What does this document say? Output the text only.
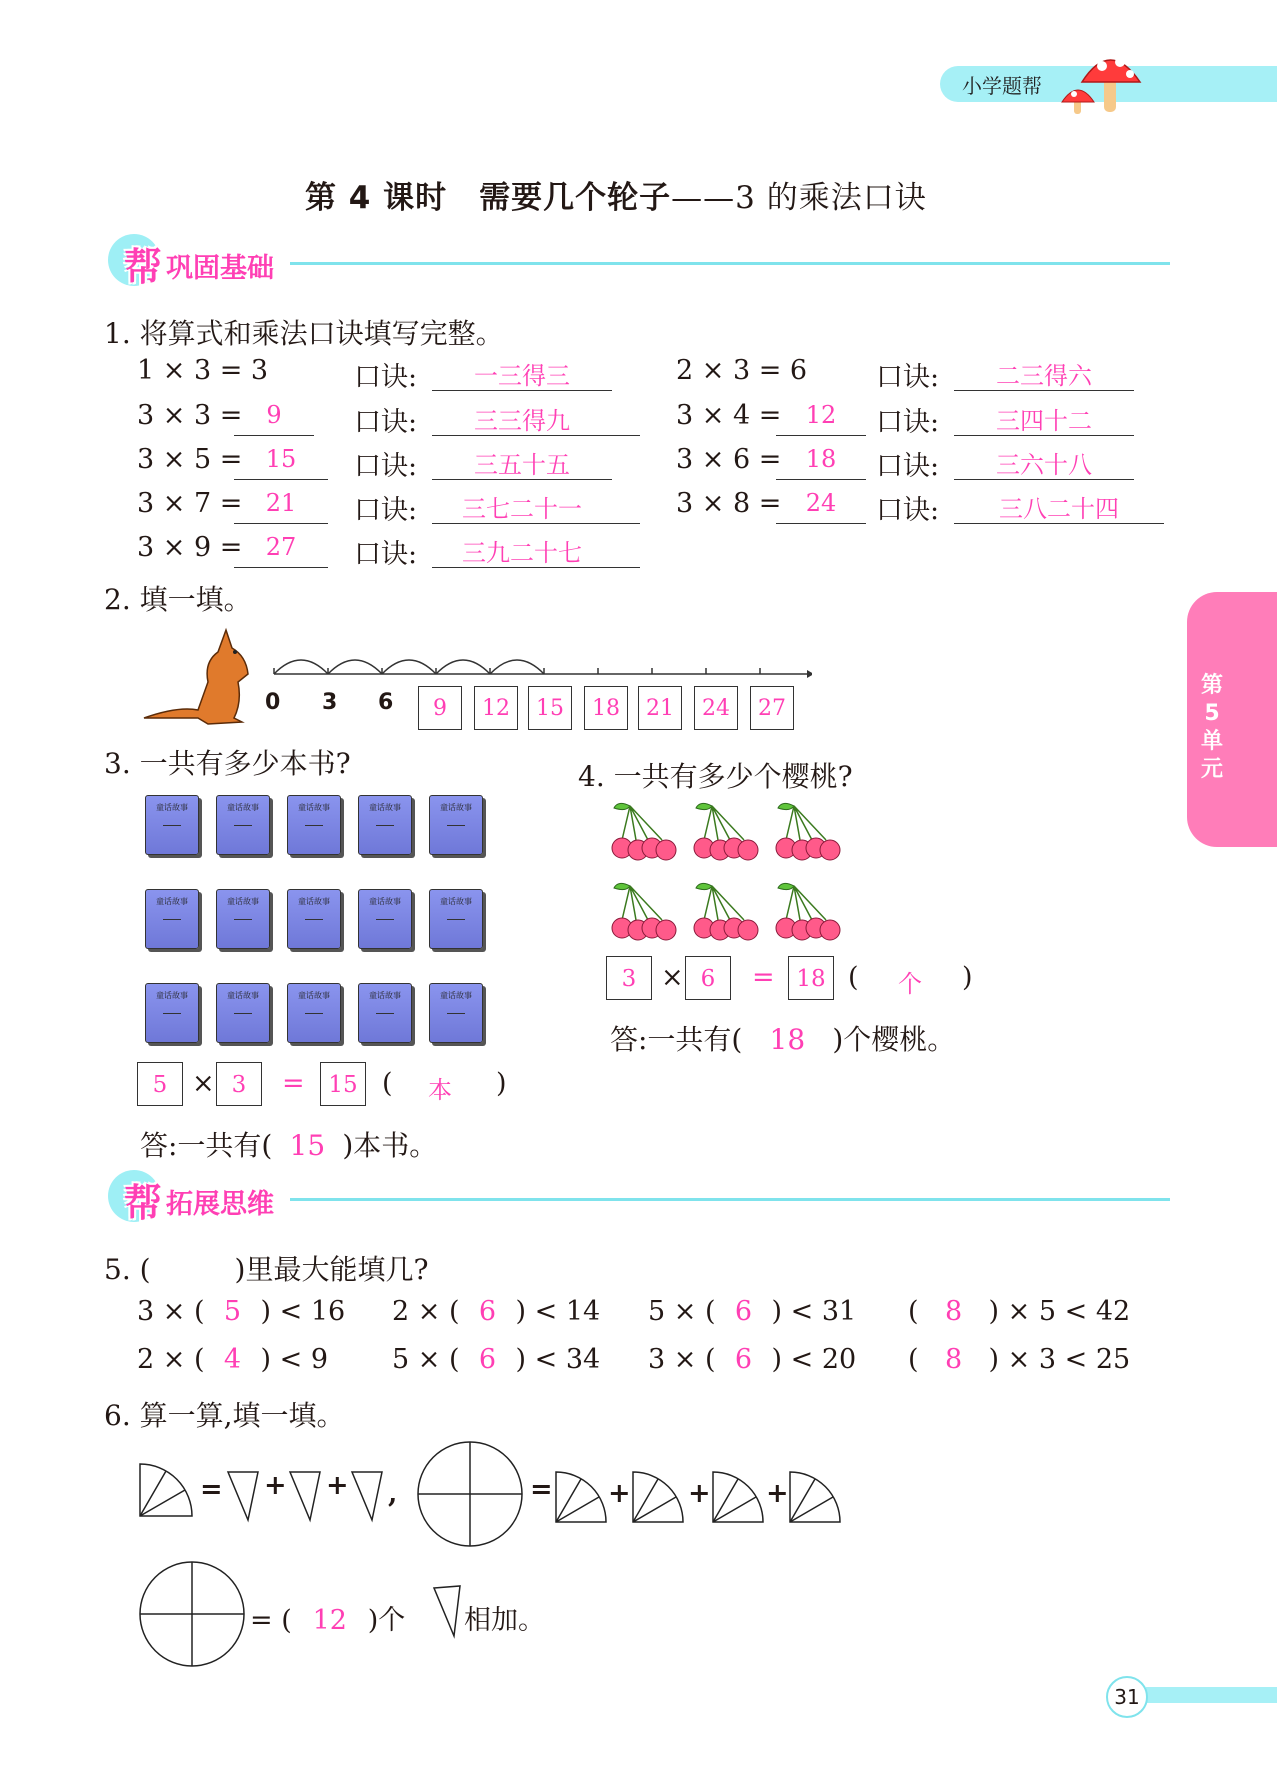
小学题帮
第 4 课时　需要几个轮子——3 的乘法口诀
帮 巩固基础
1. 将算式和乘法口诀填写完整。
1 × 3 = 3	口诀:	一三得三	2 × 3 = 6	口诀:	二三得六
3 × 3 =	9	口诀:	三三得九	3 × 4 =	12	口诀:	三四十二
3 × 5 = 15	口诀:	三五十五	3 × 6 =	18	口诀:	三六十八
3 × 7 = 21	口诀:	三七二十一	3 × 8 =	24	口诀:	三八二十四
3 × 9 = 27	口诀:	三九二十七
2. 填一填。
0 3 6	9	12	15	18	21	24	27
3. 一共有多少本书?
童话故事	童话故事	童话故事	童话故事	童话故事
童话故事	童话故事	童话故事	童话故事	童话故事
童话故事	童话故事	童话故事	童话故事	童话故事
5 × 3	=	15 ( 本 )
答:一共有( 15 )本书。
4. 一共有多少个樱桃?
3 × 6	= 18 ( 个 )
答:一共有( 18 )个樱桃。
帮 拓展思维
5. (　　　)里最大能填几?
3 × ( 5 ) < 16 2 × ( 6 ) < 14 5 × ( 6 ) < 31 ( 8 ) × 5 < 42
2 × ( 4 ) < 9 5 × ( 6 ) < 34 3 × ( 6 ) < 20 ( 8 ) × 3 < 25
6. 算一算,填一填。
= + + ,	= + + +
= ( 12 )个 相加。
第5单元
31
